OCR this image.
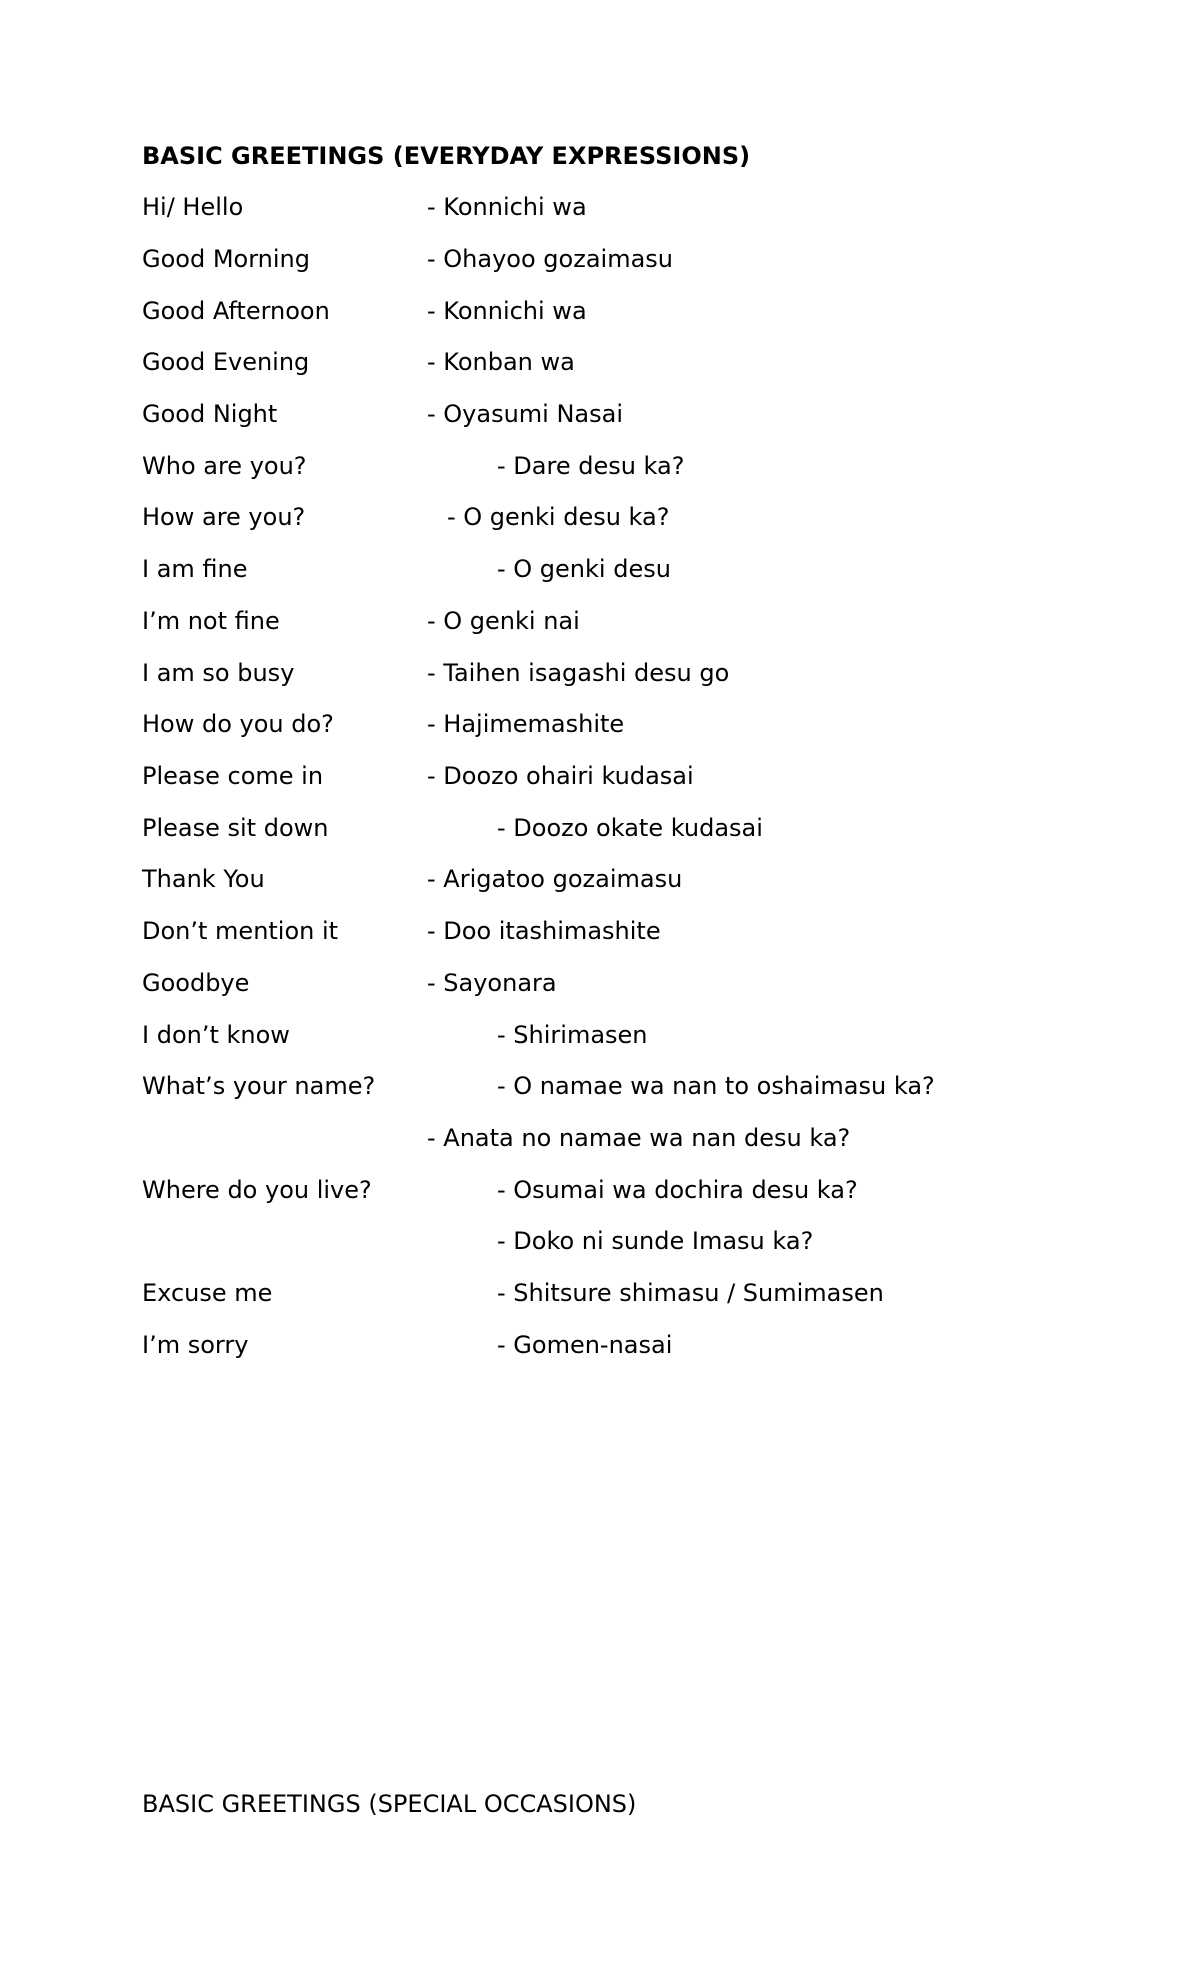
BASIC GREETINGS (EVERYDAY EXPRESSIONS)
Hi/ Hello	- Konnichi wa
Good Morning	- Ohayoo gozaimasu
Good Afternoon	- Konnichi wa
Good Evening	- Konban wa
Good Night	- Oyasumi Nasai
Who are you?	- Dare desu ka?
How are you?	- O genki desu ka?
I am fine	- O genki desu
I’m not fine	- O genki nai
I am so busy	- Taihen isagashi desu go
How do you do?	- Hajimemashite
Please come in	- Doozo ohairi kudasai
Please sit down	- Doozo okate kudasai
Thank You	- Arigatoo gozaimasu
Don’t mention it	- Doo itashimashite
Goodbye	- Sayonara
I don’t know	- Shirimasen
What’s your name?	- O namae wa nan to oshaimasu ka?
- Anata no namae wa nan desu ka?
Where do you live?	- Osumai wa dochira desu ka?
- Doko ni sunde Imasu ka?
Excuse me	- Shitsure shimasu / Sumimasen
I’m sorry	- Gomen-nasai
BASIC GREETINGS (SPECIAL OCCASIONS)
